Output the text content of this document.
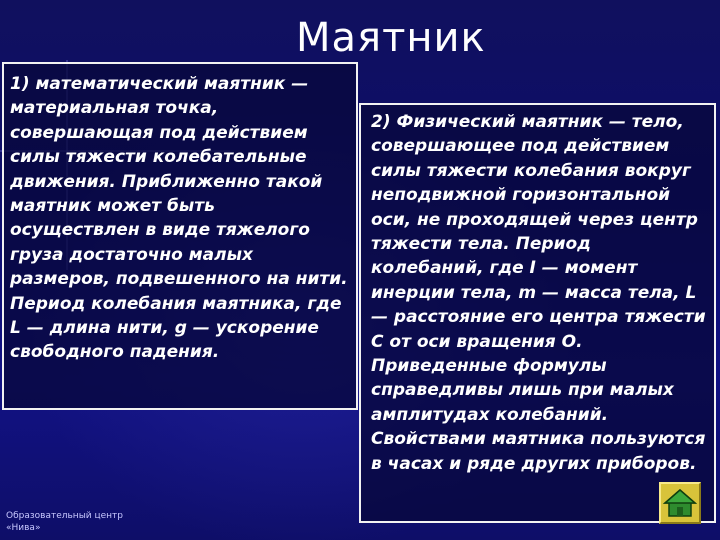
Маятник

1) математический маятник — материальная точка, совершающая под действием силы тяжести колебательные движения. Приближенно такой маятник может быть осуществлен в виде тяжелого груза достаточно малых размеров, подвешенного на нити. Период колебания маятника, где L — длина нити, g — ускорение свободного падения.

2) Физический маятник — тело, совершающее под действием силы тяжести колебания вокруг неподвижной горизонтальной оси, не проходящей через центр тяжести тела. Период колебаний, где I — момент инерции тела, m — масса тела, L — расстояние его центра тяжести С от оси вращения О. Приведенные формулы справедливы лишь при малых амплитудах колебаний. Свойствами маятника пользуются в часах и ряде других приборов.

Образовательный центр
«Нива»
